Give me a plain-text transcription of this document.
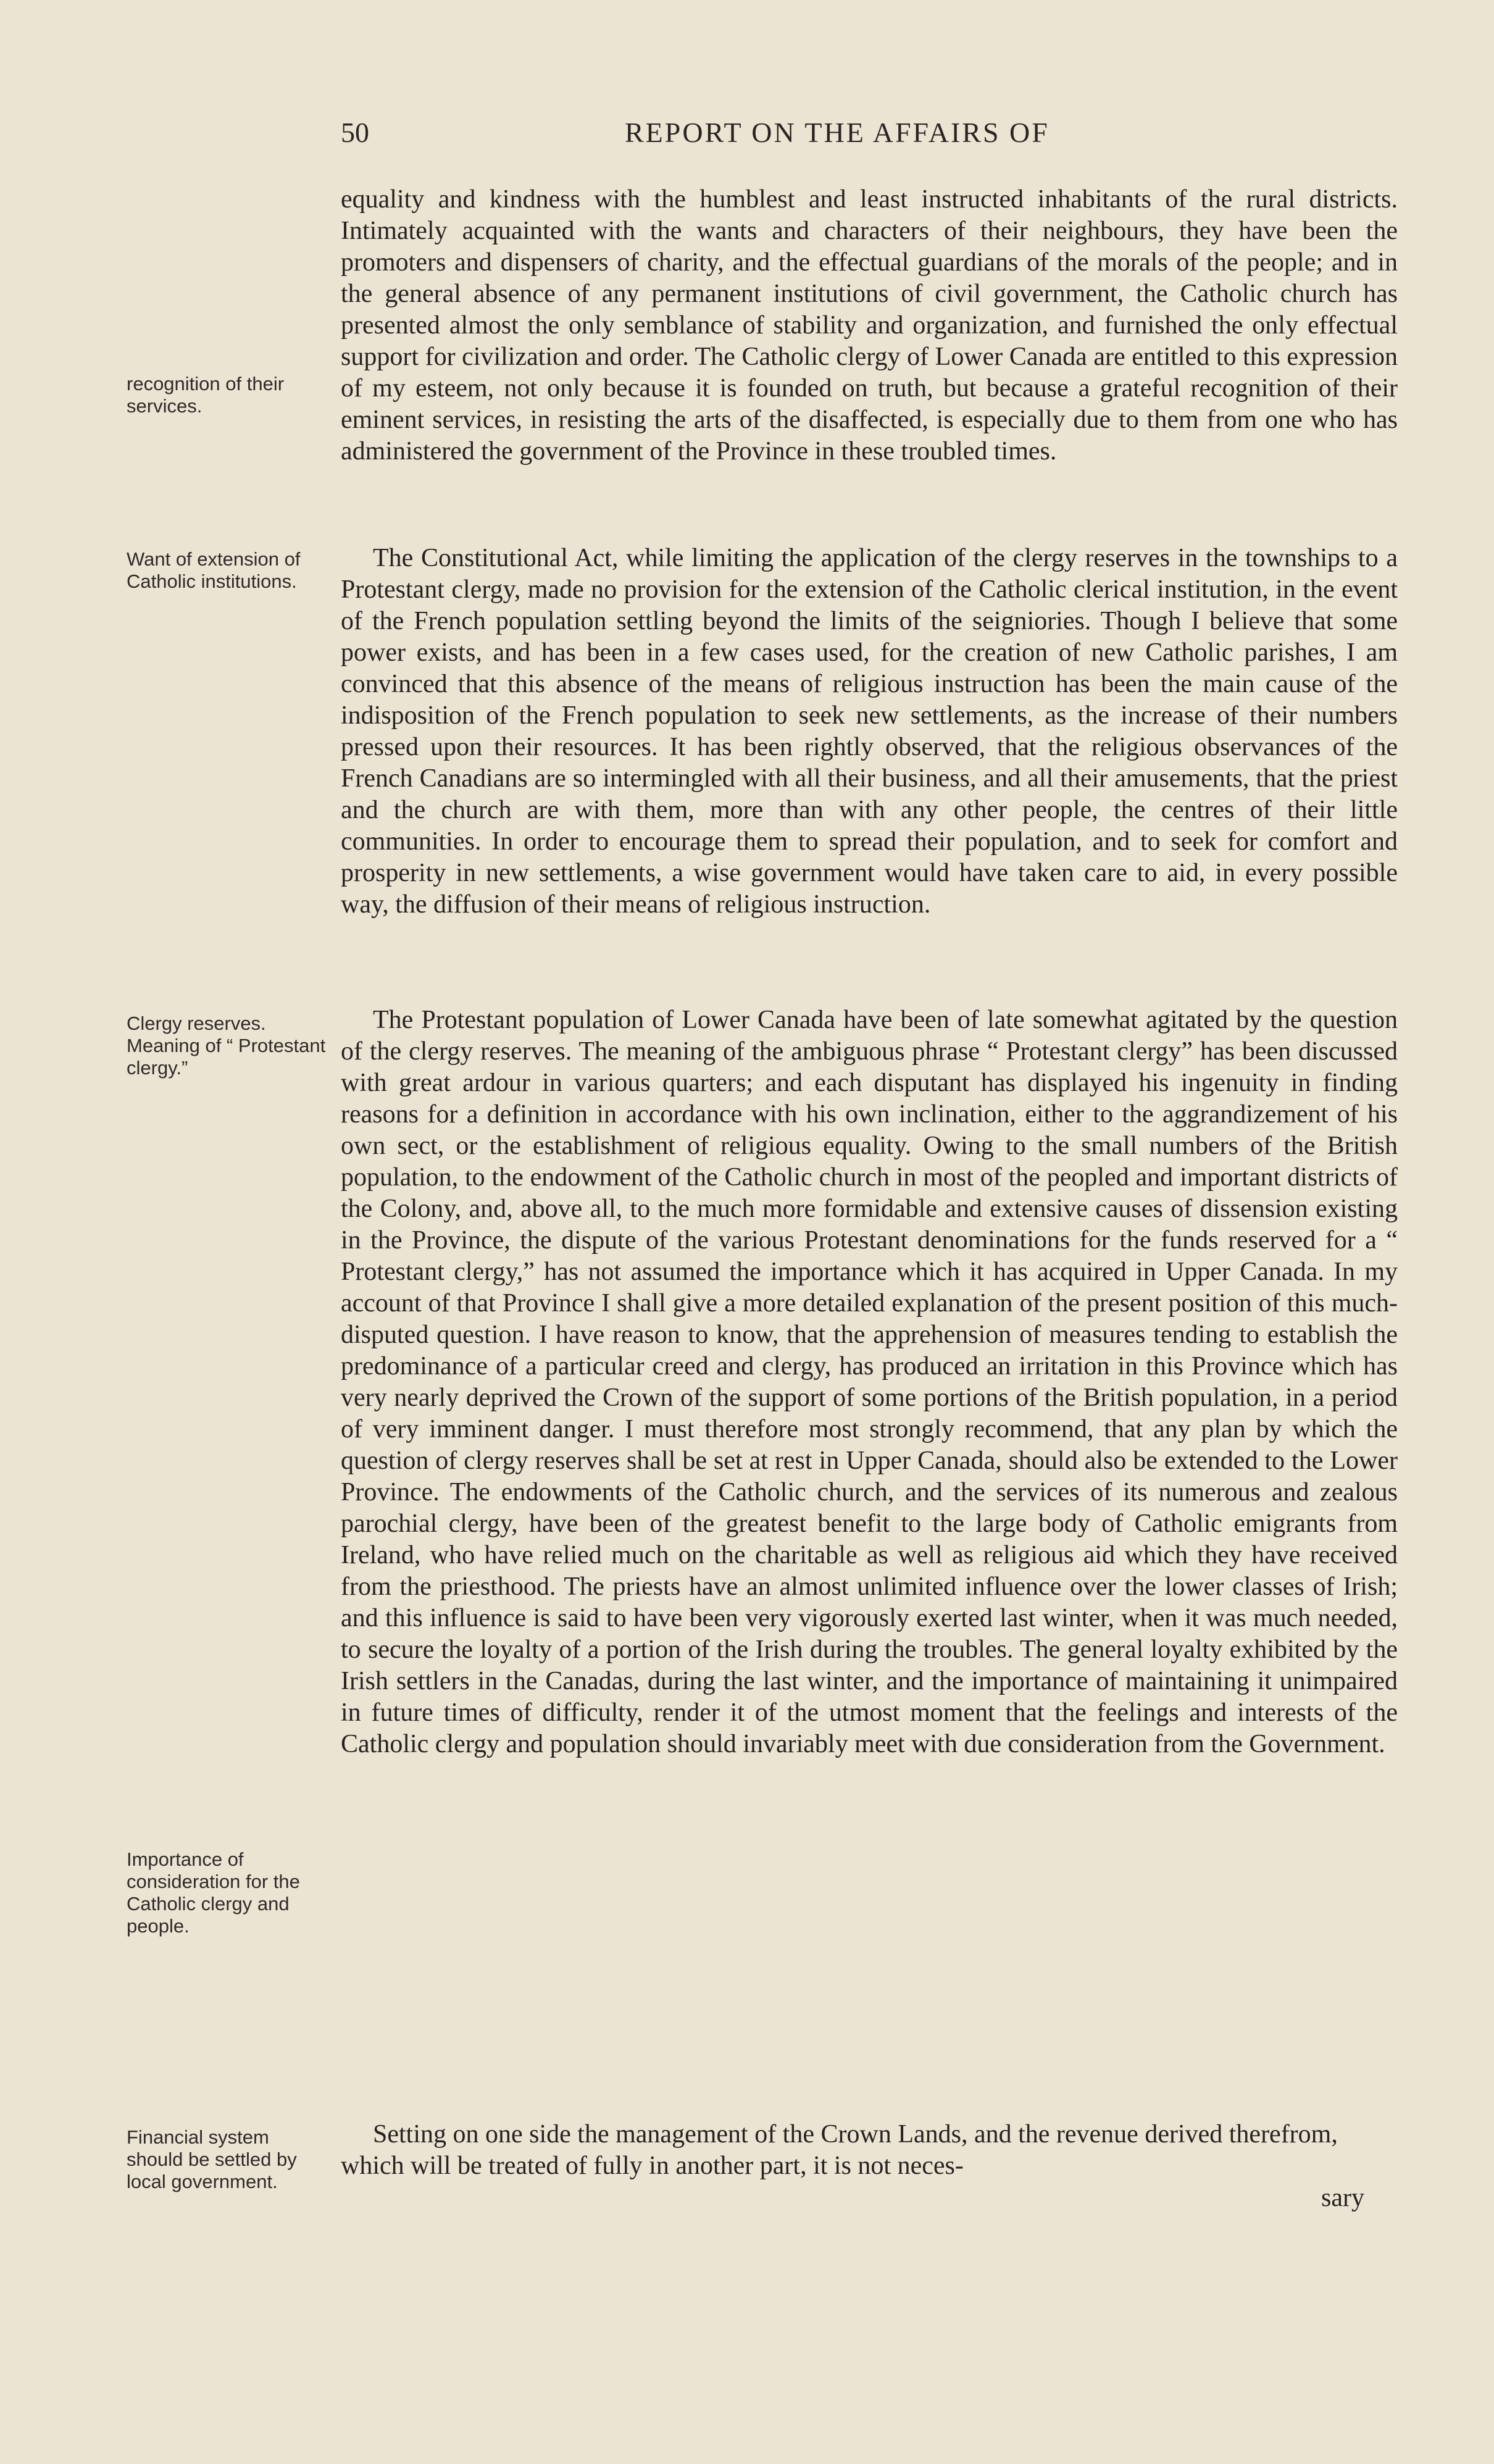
50	REPORT ON THE AFFAIRS OF
recognition of their services.
Want of extension of Catholic institutions.
Clergy reserves. Meaning of “ Protestant clergy.”
Importance of consideration for the Catholic clergy and people.
Financial system should be settled by local government.

equality and kindness with the humblest and least instructed inhabitants of the rural districts. Intimately acquainted with the wants and characters of their neighbours, they have been the promoters and dispensers of charity, and the effectual guardians of the morals of the people; and in the general absence of any permanent institutions of civil government, the Catholic church has presented almost the only semblance of stability and organization, and furnished the only effectual support for civilization and order. The Catholic clergy of Lower Canada are entitled to this expression of my esteem, not only because it is founded on truth, but because a grateful recognition of their eminent services, in resisting the arts of the disaffected, is especially due to them from one who has administered the government of the Province in these troubled times.

The Constitutional Act, while limiting the application of the clergy reserves in the townships to a Protestant clergy, made no provision for the extension of the Catholic clerical institution, in the event of the French population settling beyond the limits of the seigniories. Though I believe that some power exists, and has been in a few cases used, for the creation of new Catholic parishes, I am convinced that this absence of the means of religious instruction has been the main cause of the indisposition of the French population to seek new settlements, as the increase of their numbers pressed upon their resources. It has been rightly observed, that the religious observances of the French Canadians are so intermingled with all their business, and all their amusements, that the priest and the church are with them, more than with any other people, the centres of their little communities. In order to encourage them to spread their population, and to seek for comfort and prosperity in new settlements, a wise government would have taken care to aid, in every possible way, the diffusion of their means of religious instruction.

The Protestant population of Lower Canada have been of late somewhat agitated by the question of the clergy reserves. The meaning of the ambiguous phrase “ Protestant clergy” has been discussed with great ardour in various quarters; and each disputant has displayed his ingenuity in finding reasons for a definition in accordance with his own inclination, either to the aggrandizement of his own sect, or the establishment of religious equality. Owing to the small numbers of the British population, to the endowment of the Catholic church in most of the peopled and important districts of the Colony, and, above all, to the much more formidable and extensive causes of dissension existing in the Province, the dispute of the various Protestant denominations for the funds reserved for a “ Protestant clergy,” has not assumed the importance which it has acquired in Upper Canada. In my account of that Province I shall give a more detailed explanation of the present position of this much-disputed question. I have reason to know, that the apprehension of measures tending to establish the predominance of a particular creed and clergy, has produced an irritation in this Province which has very nearly deprived the Crown of the support of some portions of the British population, in a period of very imminent danger. I must therefore most strongly recommend, that any plan by which the question of clergy reserves shall be set at rest in Upper Canada, should also be extended to the Lower Province. The endowments of the Catholic church, and the services of its numerous and zealous parochial clergy, have been of the greatest benefit to the large body of Catholic emigrants from Ireland, who have relied much on the charitable as well as religious aid which they have received from the priesthood. The priests have an almost unlimited influence over the lower classes of Irish; and this influence is said to have been very vigorously exerted last winter, when it was much needed, to secure the loyalty of a portion of the Irish during the troubles. The general loyalty exhibited by the Irish settlers in the Canadas, during the last winter, and the importance of maintaining it unimpaired in future times of difficulty, render it of the utmost moment that the feelings and interests of the Catholic clergy and population should invariably meet with due consideration from the Government.

Setting on one side the management of the Crown Lands, and the revenue derived therefrom, which will be treated of fully in another part, it is not neces-

sary
